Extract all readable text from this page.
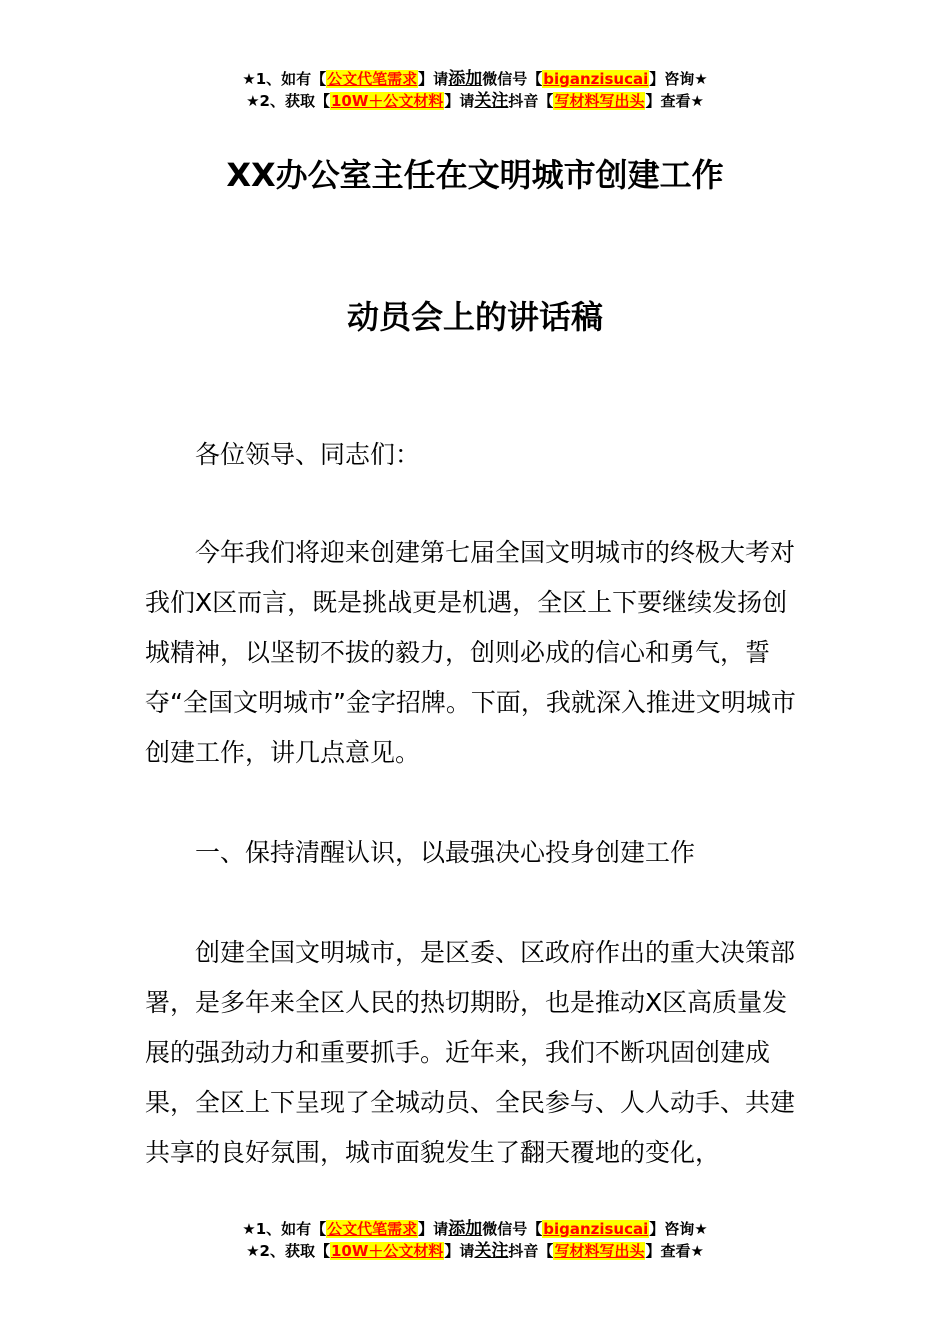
★1、如有【公文代笔需求】请添加微信号【biganzisucai】咨询★
★2、获取【10W＋公文材料】请关注抖音【写材料写出头】查看★
XX办公室主任在文明城市创建工作
动员会上的讲话稿

各位领导、同志们：

今年我们将迎来创建第七届全国文明城市的终极大考对我们X区而言，既是挑战更是机遇，全区上下要继续发扬创城精神，以坚韧不拔的毅力，创则必成的信心和勇气，誓夺“全国文明城市”金字招牌。下面，我就深入推进文明城市创建工作，讲几点意见。

一、保持清醒认识，以最强决心投身创建工作

创建全国文明城市，是区委、区政府作出的重大决策部署，是多年来全区人民的热切期盼，也是推动X区高质量发展的强劲动力和重要抓手。近年来，我们不断巩固创建成果，全区上下呈现了全城动员、全民参与、人人动手、共建共享的良好氛围，城市面貌发生了翻天覆地的变化，

★1、如有【公文代笔需求】请添加微信号【biganzisucai】咨询★
★2、获取【10W＋公文材料】请关注抖音【写材料写出头】查看★
